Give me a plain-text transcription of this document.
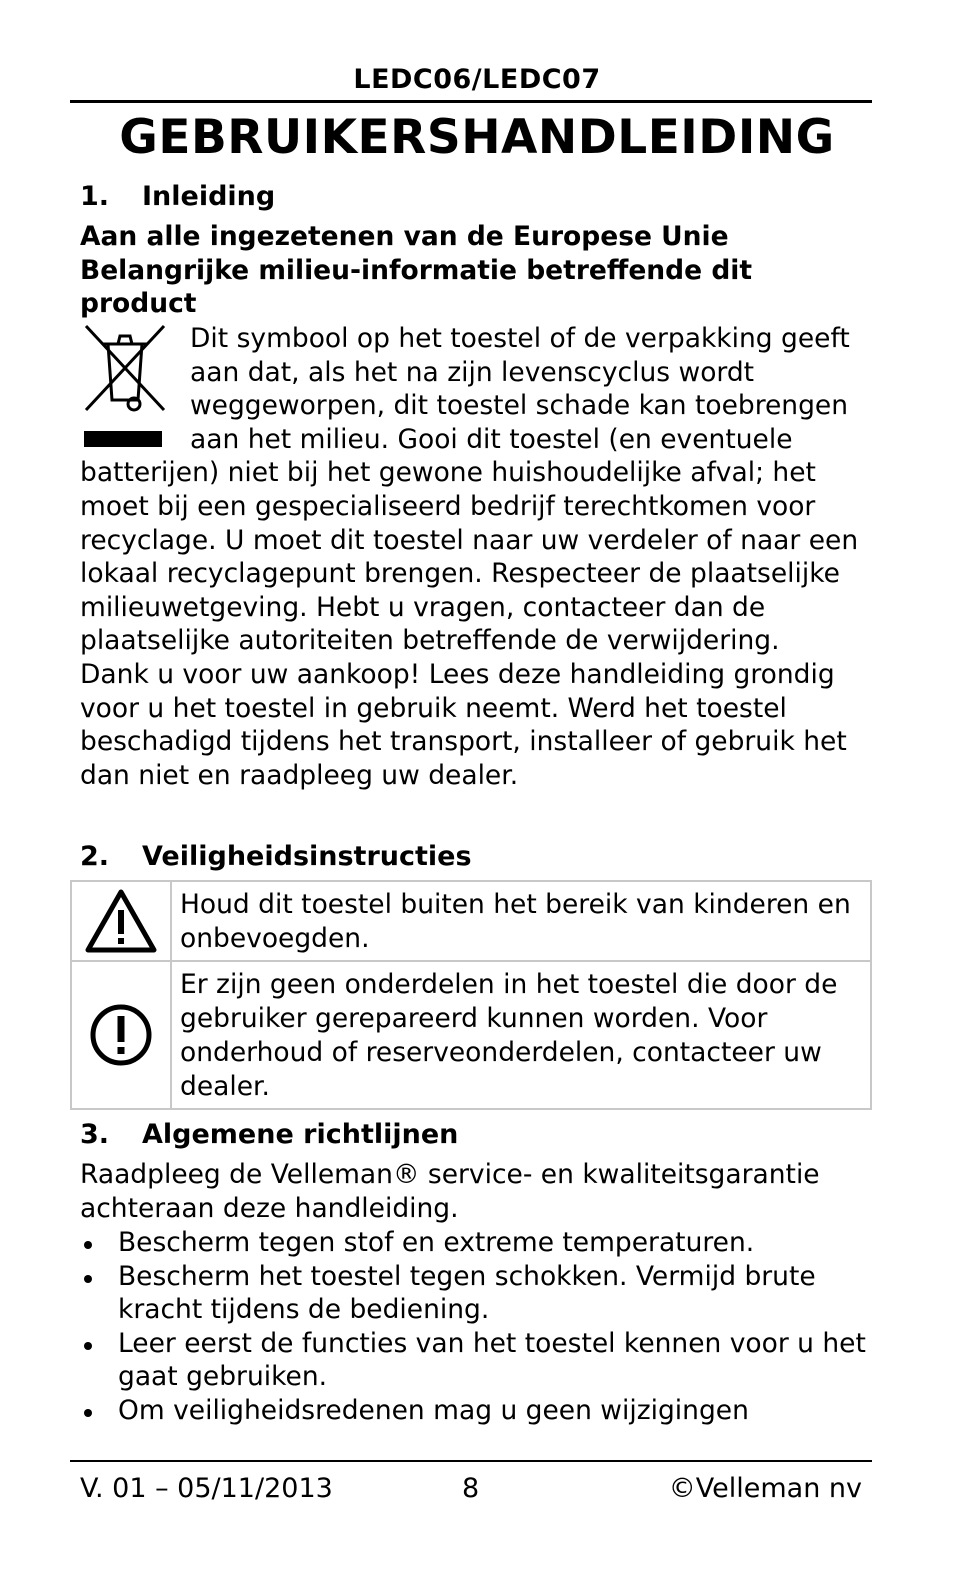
LEDC06/LEDC07
GEBRUIKERSHANDLEIDING
1. Inleiding
Aan alle ingezetenen van de Europese Unie
Belangrijke milieu-informatie betreffende dit
product

Dit symbool op het toestel of de verpakking geeft aan dat, als het na zijn levenscyclus wordt weggeworpen, dit toestel schade kan toebrengen aan het milieu. Gooi dit toestel (en eventuele batterijen) niet bij het gewone huishoudelijke afval; het moet bij een gespecialiseerd bedrijf terechtkomen voor recyclage. U moet dit toestel naar uw verdeler of naar een lokaal recyclagepunt brengen. Respecteer de plaatselijke milieuwetgeving. Hebt u vragen, contacteer dan de plaatselijke autoriteiten betreffende de verwijdering.

Dank u voor uw aankoop! Lees deze handleiding grondig voor u het toestel in gebruik neemt. Werd het toestel beschadigd tijdens het transport, installeer of gebruik het dan niet en raadpleeg uw dealer.

2. Veiligheidsinstructies
	Houd dit toestel buiten het bereik van kinderen en onbevoegden.

	Er zijn geen onderdelen in het toestel die door de gebruiker gerepareerd kunnen worden. Voor onderhoud of reserveonderdelen, contacteer uw dealer.
3. Algemene richtlijnen
Raadpleeg de Velleman® service- en kwaliteitsgarantie achteraan deze handleiding.
Bescherm tegen stof en extreme temperaturen.
Bescherm het toestel tegen schokken. Vermijd brute kracht tijdens de bediening.
Leer eerst de functies van het toestel kennen voor u het gaat gebruiken.
Om veiligheidsredenen mag u geen wijzigingen
V. 01 – 05/11/2013	8	©Velleman nv
